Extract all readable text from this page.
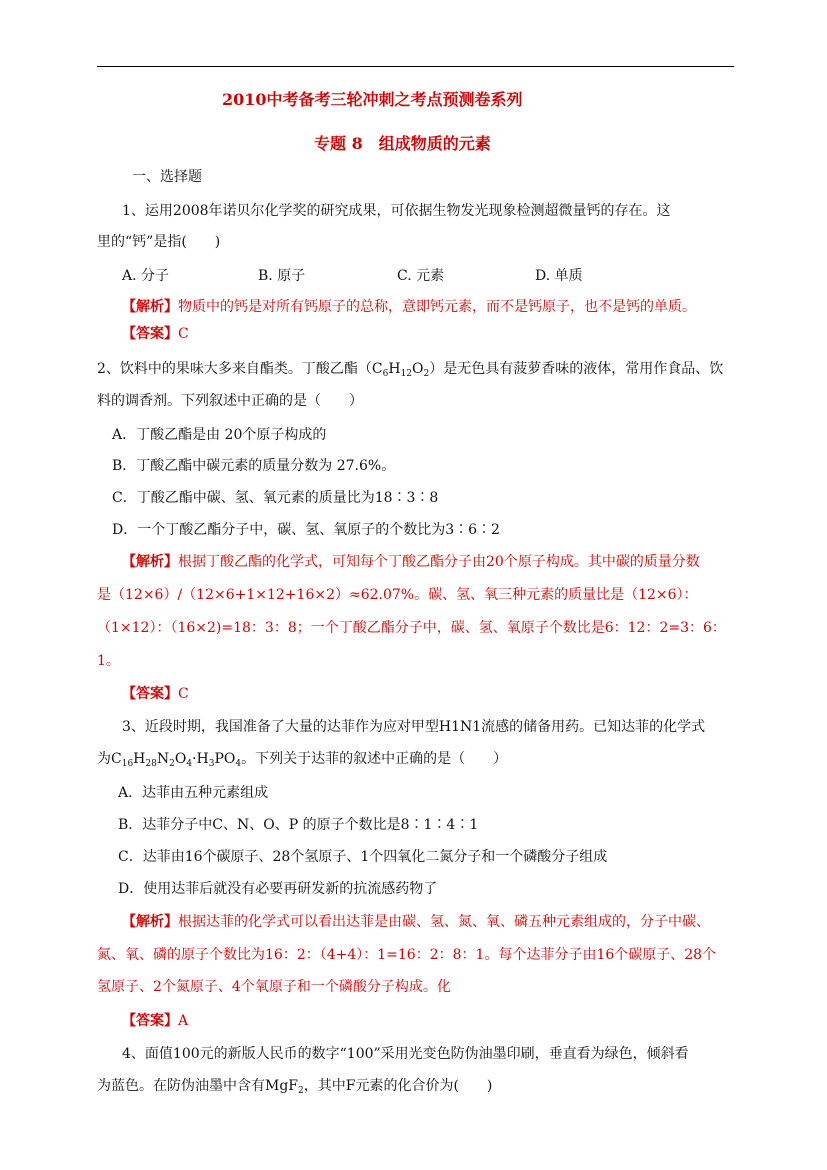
2010中考备考三轮冲刺之考点预测卷系列
专题 8　组成物质的元素
一、选择题
1、运用2008年诺贝尔化学奖的研究成果，可依据生物发光现象检测超微量钙的存在。这
里的“钙”是指(　　)
A. 分子	B. 原子	C. 元素	D. 单质
【解析】物质中的钙是对所有钙原子的总称，意即钙元素，而不是钙原子，也不是钙的单质。
【答案】C
2、饮料中的果味大多来自酯类。丁酸乙酯$(C_6H_{12}O_2)$是无色具有菠萝香味的液体，常用作食品、饮
料的调香剂。下列叙述中正确的是（　　）
A．丁酸乙酯是由 20个原子构成的
B．丁酸乙酯中碳元素的质量分数为 27.6%。
C．丁酸乙酯中碳、氢、氧元素的质量比为18∶3∶8
D．一个丁酸乙酯分子中，碳、氢、氧原子的个数比为3∶6∶2
【解析】根据丁酸乙酯的化学式，可知每个丁酸乙酯分子由20个原子构成。其中碳的质量分数
是（12×6）/（12×6+1×12+16×2）≈62.07%。碳、氢、氧三种元素的质量比是（12×6）：
（1×12）：（16×2)=18：3：8；一个丁酸乙酯分子中，碳、氢、氧原子个数比是6：12：2=3：6：
1。
【答案】C
3、近段时期，我国准备了大量的达菲作为应对甲型H1N1流感的储备用药。已知达菲的化学式
为$C_{16}H_{28}N_2O_4\cdot H_3PO_4$。下列关于达菲的叙述中正确的是（　　）
A．达菲由五种元素组成
B．达菲分子中C、N、O、P 的原子个数比是8∶1∶4∶1
C．达菲由16个碳原子、28个氢原子、1个四氧化二氮分子和一个磷酸分子组成
D．使用达菲后就没有必要再研发新的抗流感药物了
【解析】根据达菲的化学式可以看出达菲是由碳、氢、氮、氧、磷五种元素组成的，分子中碳、
氮、氧、磷的原子个数比为16：2：（4+4）：1=16：2：8：1。每个达菲分子由16个碳原子、28个
氢原子、2个氮原子、4个氧原子和一个磷酸分子构成。化
【答案】A
4、面值100元的新版人民币的数字“100”采用光变色防伪油墨印刷，垂直看为绿色，倾斜看
为蓝色。在防伪油墨中含有MgF$_2$，其中F元素的化合价为(　　)
